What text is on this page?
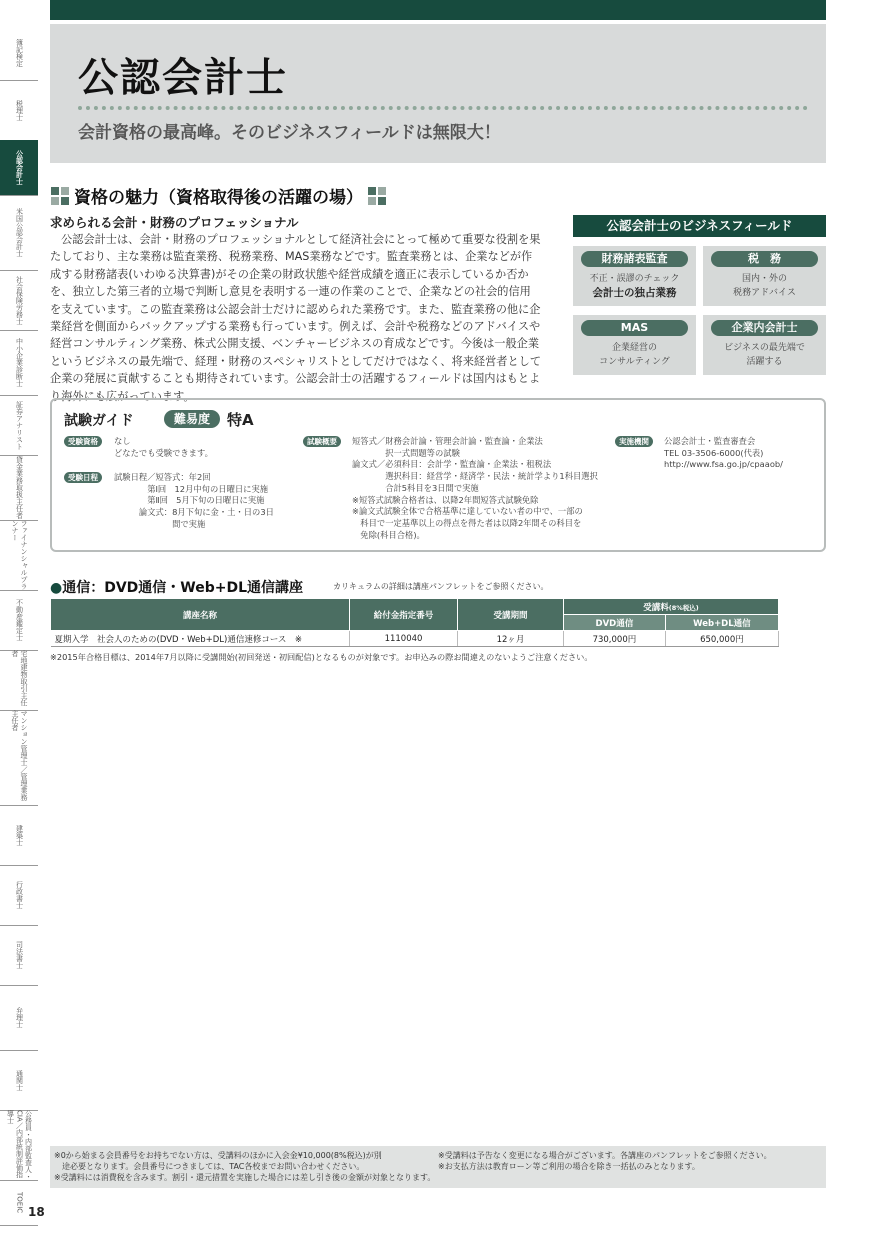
簿記検定
税理士
公認会計士
米国公認会計士
社会保険労務士
中小企業診断士
証券アナリスト
貸金業務取扱主任者
ファイナンシャルプランナー
不動産鑑定士
宅地建物取引主任者
マンション管理士／管理業務主任者
建築士
行政書士
司法書士
弁理士
通関士
公務員・内部監査人・CIA／内部統制評価指導士
TOEIC
公認会計士
会計資格の最高峰。そのビジネスフィールドは無限大！
資格の魅力（資格取得後の活躍の場）
求められる会計・財務のプロフェッショナル
公認会計士は、会計・財務のプロフェッショナルとして経済社会にとって極めて重要な役割を果たしており、主な業務は監査業務、税務業務、MAS業務などです。監査業務とは、企業などが作成する財務諸表(いわゆる決算書)がその企業の財政状態や経営成績を適正に表示しているか否かを、独立した第三者的立場で判断し意見を表明する一連の作業のことで、企業などの社会的信用を支えています。この監査業務は公認会計士だけに認められた業務です。また、監査業務の他に企業経営を側面からバックアップする業務も行っています。例えば、会計や税務などのアドバイスや経営コンサルティング業務、株式公開支援、ベンチャービジネスの育成などです。今後は一般企業というビジネスの最先端で、経理・財務のスペシャリストとしてだけではなく、将来経営者として企業の発展に貢献することも期待されています。公認会計士の活躍するフィールドは国内はもとより海外にも広がっています。
公認会計士のビジネスフィールド
財務諸表監査
不正・誤謬のチェック
会計士の独占業務
税　務
国内・外の
税務アドバイス
MAS
企業経営の
コンサルティング
企業内会計士
ビジネスの最先端で
活躍する
試験ガイド	難易度	特A
受験資格	なし
どなたでも受験できます。
受験日程	試験日程／短答式：年2回
　　　　第Ⅰ回　12月中旬の日曜日に実施
　　　　第Ⅱ回　5月下旬の日曜日に実施
　　　論文式：8月下旬に金・土・日の3日
　　　　　　　間で実施
試験概要	短答式／財務会計論・管理会計論・監査論・企業法
　　　　択一式問題等の試験
論文式／必須科目：会計学・監査論・企業法・租税法
　　　　選択科目：経営学・経済学・民法・統計学より1科目選択
　　　　合計5科目を3日間で実施
※短答式試験合格者は、以降2年間短答式試験免除
※論文式試験全体で合格基準に達していない者の中で、一部の
　科目で一定基準以上の得点を得た者は以降2年間その科目を
　免除(科目合格)。
実施機関	公認会計士・監査審査会
TEL 03-3506-6000(代表)
http://www.fsa.go.jp/cpaaob/
●通信：DVD通信・Web+DL通信講座	カリキュラムの詳細は講座パンフレットをご参照ください。
講座名称	給付金指定番号	受講期間	受講料(8%税込)	
			DVD通信	Web+DL通信
夏期入学　社会人のための(DVD・Web+DL)通信速修コース　※	1110040	12ヶ月	730,000円	650,000円
※2015年合格目標は、2014年7月以降に受講開始(初回発送・初回配信)となるものが対象です。お申込みの際お間違えのないようご注意ください。
※0から始まる会員番号をお持ちでない方は、受講料のほかに入会金¥10,000(8%税込)が別
　途必要となります。会員番号につきましては、TAC各校までお問い合わせください。
※受講料には消費税を含みます。割引・還元措置を実施した場合には差し引き後の金額が対象となります。
※受講料は予告なく変更になる場合がございます。各講座のパンフレットをご参照ください。
※お支払方法は教育ローン等ご利用の場合を除き一括払のみとなります。
18
